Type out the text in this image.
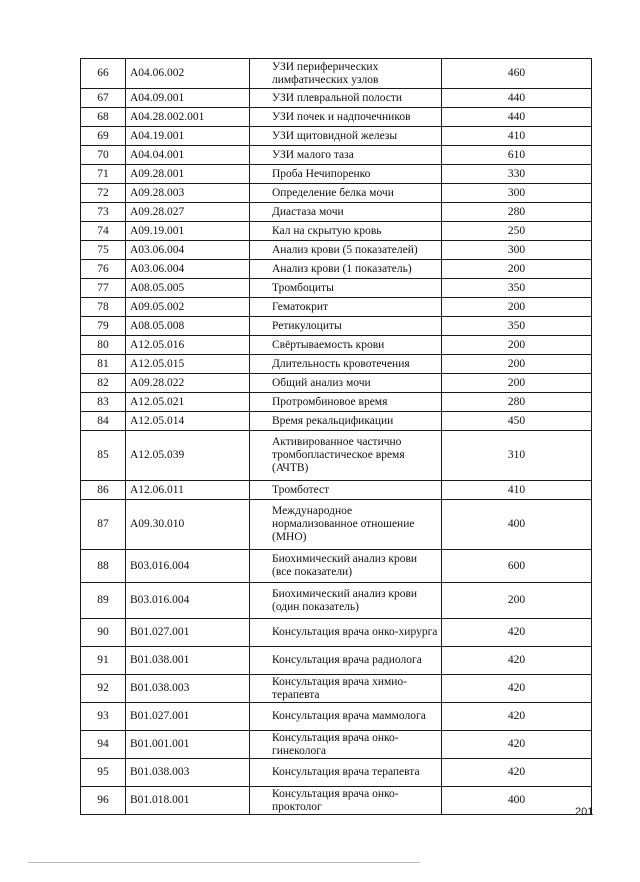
66	A04.06.002	УЗИ периферических лимфатических узлов	460
67	A04.09.001	УЗИ плевральной полости	440
68	A04.28.002.001	УЗИ почек и надпочечников	440
69	A04.19.001	УЗИ щитовидной железы	410
70	A04.04.001	УЗИ малого таза	610
71	A09.28.001	Проба Нечипоренко	330
72	A09.28.003	Определение белка мочи	300
73	A09.28.027	Диастаза мочи	280
74	A09.19.001	Кал на скрытую кровь	250
75	A03.06.004	Анализ крови (5 показателей)	300
76	A03.06.004	Анализ крови (1 показатель)	200
77	A08.05.005	Тромбоциты	350
78	A09.05.002	Гематокрит	200
79	A08.05.008	Ретикулоциты	350
80	A12.05.016	Свёртываемость крови	200
81	A12.05.015	Длительность кровотечения	200
82	A09.28.022	Общий анализ мочи	200
83	A12.05.021	Протромбиновое время	280
84	A12.05.014	Время рекальцификации	450
85	A12.05.039	Активированное частично тромбопластическое время (АЧТВ)	310
86	A12.06.011	Тромботест	410
87	A09.30.010	Международное нормализованное отношение (МНО)	400
88	B03.016.004	Биохимический анализ крови (все показатели)	600
89	B03.016.004	Биохимический анализ крови (один показатель)	200
90	B01.027.001	Консультация врача онко-хирурга	420
91	B01.038.001	Консультация врача радиолога	420
92	B01.038.003	Консультация врача химио-терапевта	420
93	B01.027.001	Консультация врача маммолога	420
94	B01.001.001	Консультация врача онко-гинеколога	420
95	B01.038.003	Консультация врача терапевта	420
96	B01.018.001	Консультация врача онко-проктолог	400
201
